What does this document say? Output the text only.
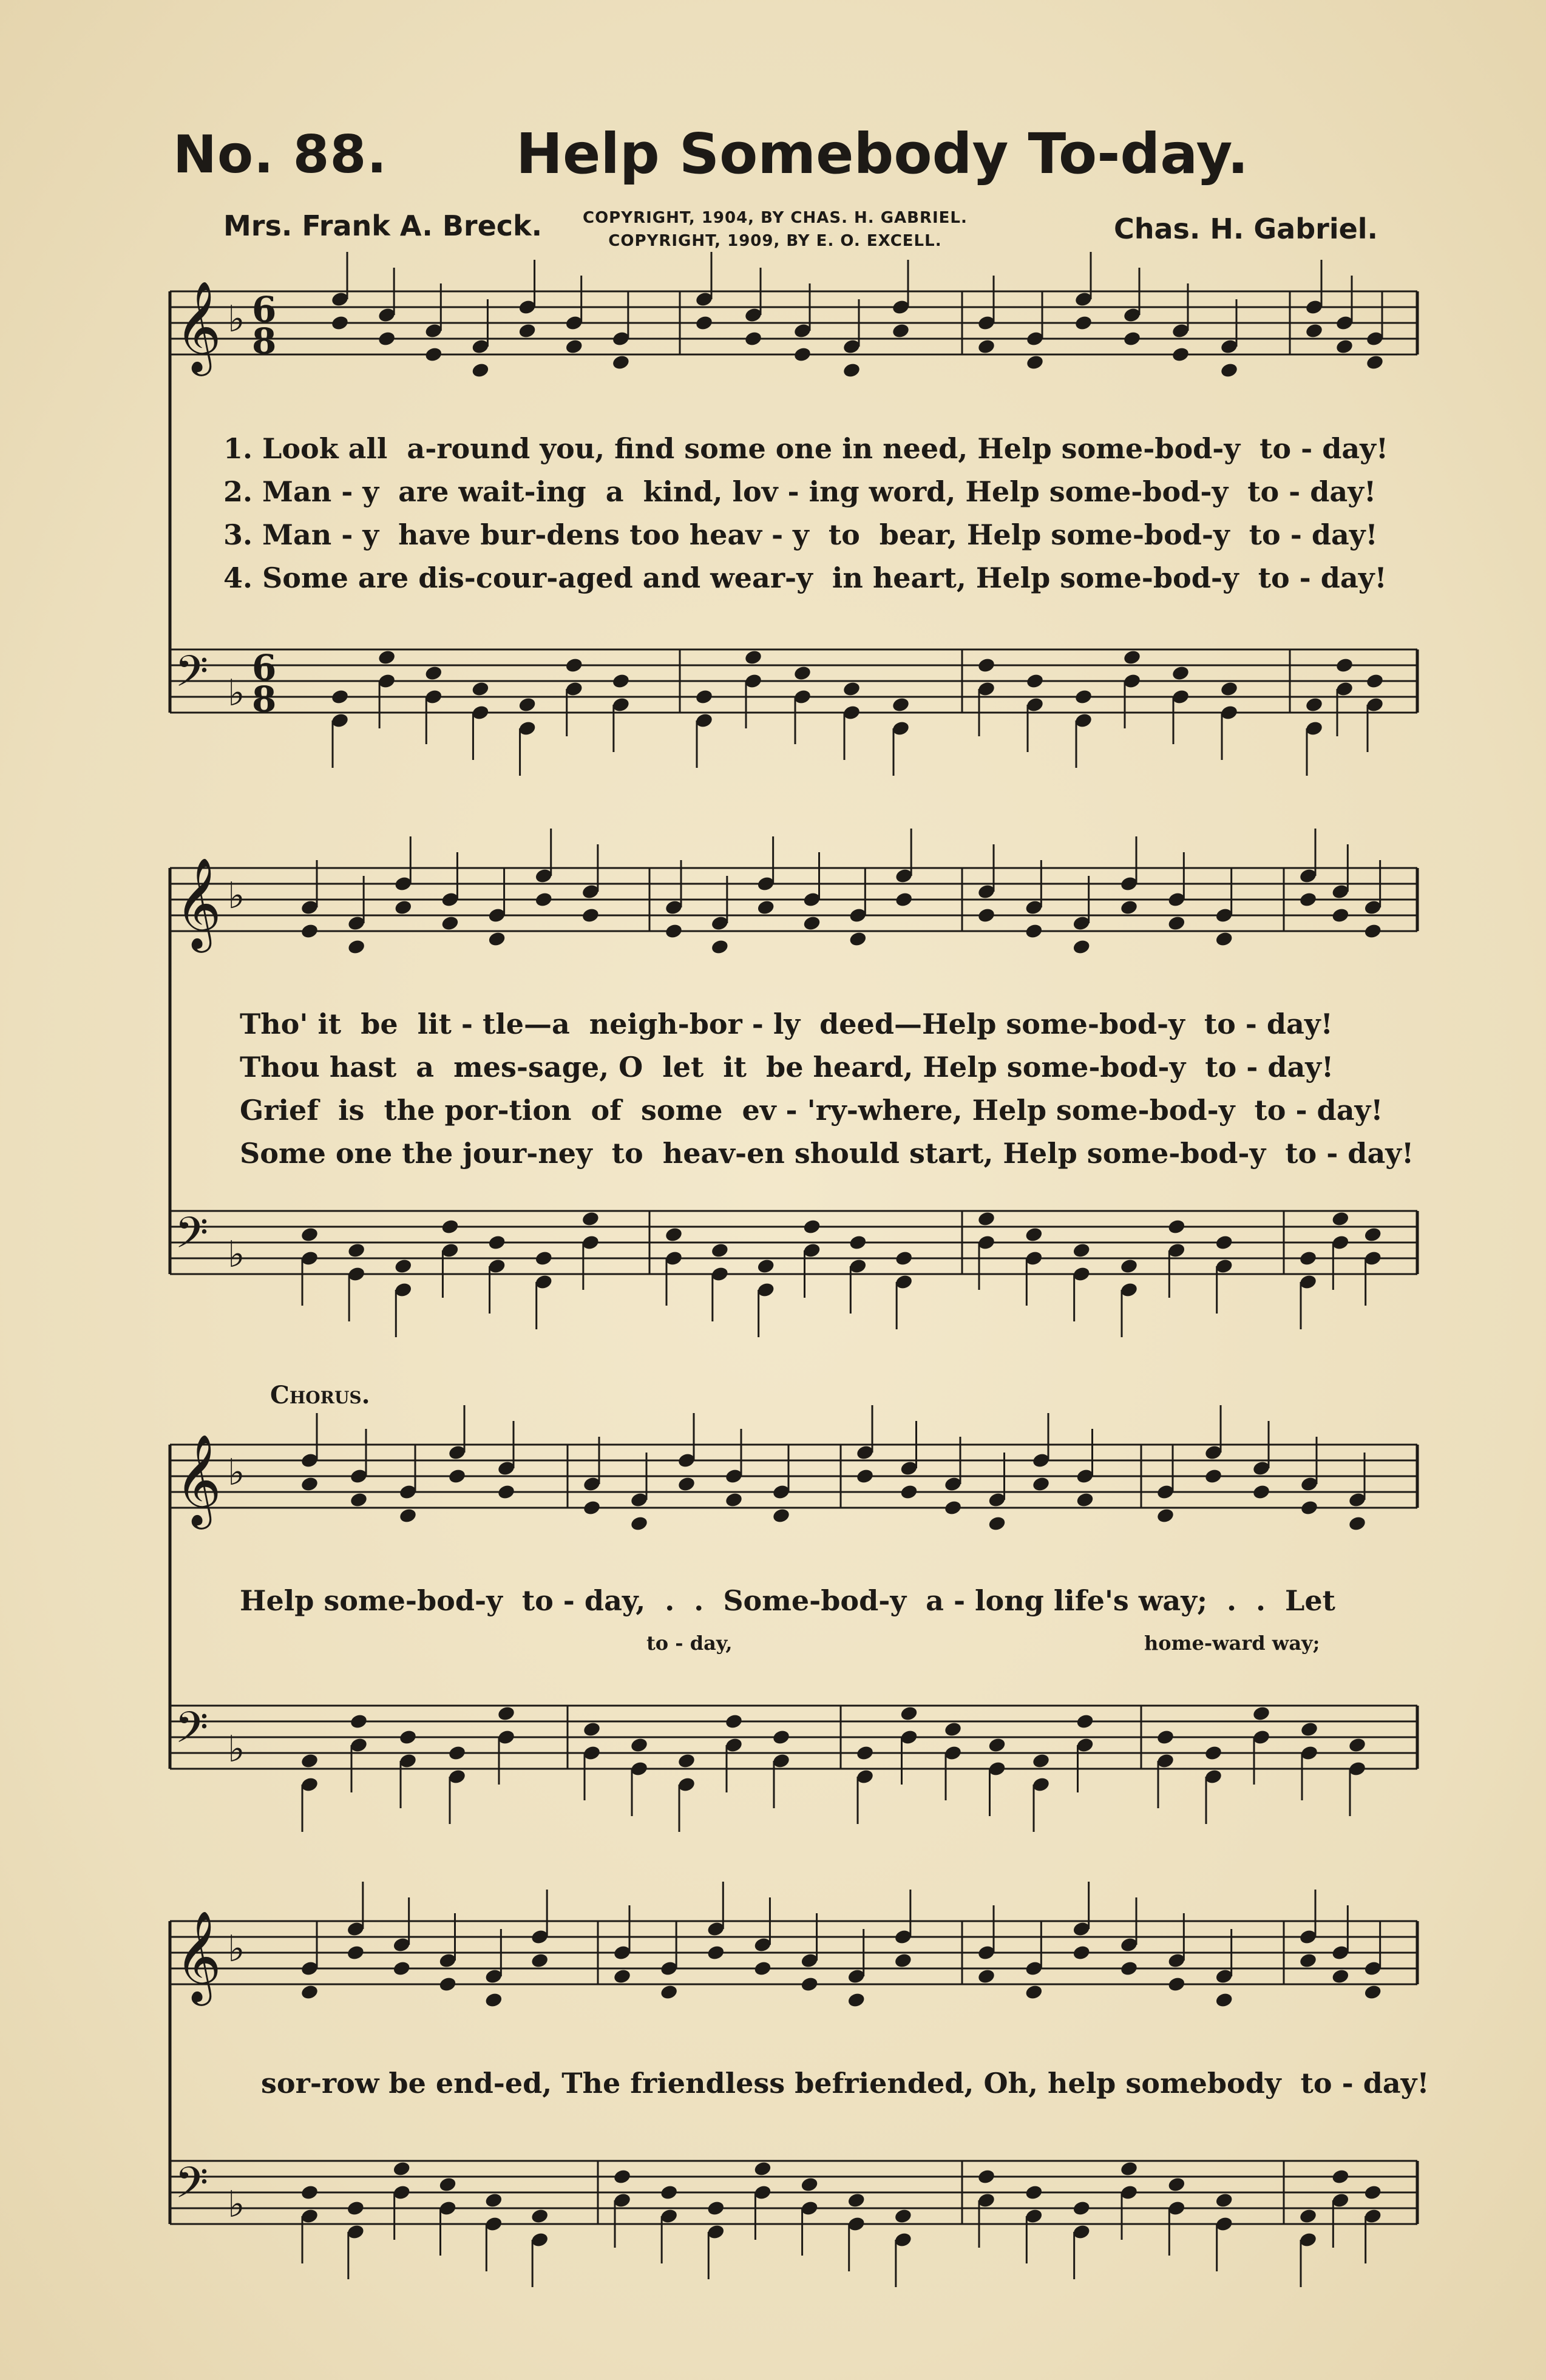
𝄞 ♭ 6
8
𝄢 ♭
6
8
𝄞 ♭
𝄢 ♭
𝄞 ♭
𝄢 ♭
𝄞 ♭
𝄢 ♭
No. 88. Help Somebody To-day.
Mrs. Frank A. Breck.	COPYRIGHT, 1904, BY CHAS. H. GABRIEL.
COPYRIGHT, 1909, BY E. O. EXCELL.	Chas. H. Gabriel.
1. Look all  a-round you, find some one in need, Help some-bod-y  to - day!
2. Man - y  are wait-ing  a  kind, lov - ing word, Help some-bod-y  to - day!
3. Man - y  have bur-dens too heav - y  to  bear, Help some-bod-y  to - day!
4. Some are dis-cour-aged and wear-y  in heart, Help some-bod-y  to - day!
Tho' it  be  lit - tle—a  neigh-bor - ly  deed—Help some-bod-y  to - day!
Thou hast  a  mes-sage, O  let  it  be heard, Help some-bod-y  to - day!
Grief  is  the por-tion  of  some  ev - 'ry-where, Help some-bod-y  to - day!
Some one the jour-ney  to  heav-en should start, Help some-bod-y  to - day!
Chorus.
Help some-bod-y  to - day,  .  .  Some-bod-y  a - long life's way;  .  .  Let
to - day,	home-ward way;
sor-row be end-ed, The friendless befriended, Oh, help somebody  to - day!
